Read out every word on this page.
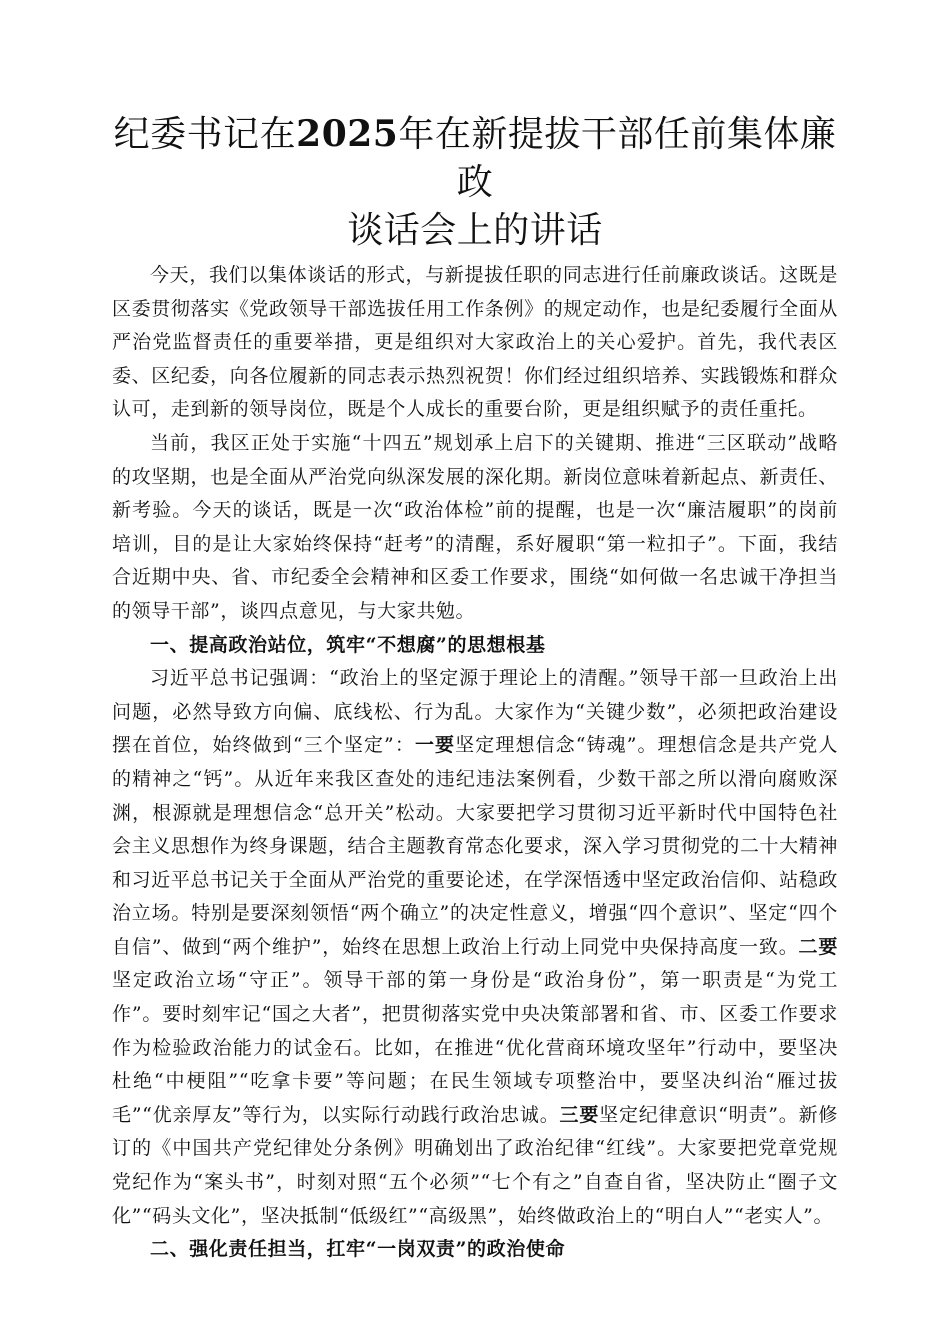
纪委书记在2025年在新提拔干部任前集体廉政
谈话会上的讲话

今天，我们以集体谈话的形式，与新提拔任职的同志进行任前廉政谈话。这既是区委贯彻落实《党政领导干部选拔任用工作条例》的规定动作，也是纪委履行全面从严治党监督责任的重要举措，更是组织对大家政治上的关心爱护。首先，我代表区委、区纪委，向各位履新的同志表示热烈祝贺！你们经过组织培养、实践锻炼和群众认可，走到新的领导岗位，既是个人成长的重要台阶，更是组织赋予的责任重托。

当前，我区正处于实施“十四五”规划承上启下的关键期、推进“三区联动”战略的攻坚期，也是全面从严治党向纵深发展的深化期。新岗位意味着新起点、新责任、新考验。今天的谈话，既是一次“政治体检”前的提醒，也是一次“廉洁履职”的岗前培训，目的是让大家始终保持“赶考”的清醒，系好履职“第一粒扣子”。下面，我结合近期中央、省、市纪委全会精神和区委工作要求，围绕“如何做一名忠诚干净担当的领导干部”，谈四点意见，与大家共勉。

一、提高政治站位，筑牢“不想腐”的思想根基

习近平总书记强调：“政治上的坚定源于理论上的清醒。”领导干部一旦政治上出问题，必然导致方向偏、底线松、行为乱。大家作为“关键少数”，必须把政治建设摆在首位，始终做到“三个坚定”：一要坚定理想信念“铸魂”。理想信念是共产党人的精神之“钙”。从近年来我区查处的违纪违法案例看，少数干部之所以滑向腐败深渊，根源就是理想信念“总开关”松动。大家要把学习贯彻习近平新时代中国特色社会主义思想作为终身课题，结合主题教育常态化要求，深入学习贯彻党的二十大精神和习近平总书记关于全面从严治党的重要论述，在学深悟透中坚定政治信仰、站稳政治立场。特别是要深刻领悟“两个确立”的决定性意义，增强“四个意识”、坚定“四个自信”、做到“两个维护”，始终在思想上政治上行动上同党中央保持高度一致。二要坚定政治立场“守正”。领导干部的第一身份是“政治身份”，第一职责是“为党工作”。要时刻牢记“国之大者”，把贯彻落实党中央决策部署和省、市、区委工作要求作为检验政治能力的试金石。比如，在推进“优化营商环境攻坚年”行动中，要坚决杜绝“中梗阻”“吃拿卡要”等问题；在民生领域专项整治中，要坚决纠治“雁过拔毛”“优亲厚友”等行为，以实际行动践行政治忠诚。三要坚定纪律意识“明责”。新修订的《中国共产党纪律处分条例》明确划出了政治纪律“红线”。大家要把党章党规党纪作为“案头书”，时刻对照“五个必须”“七个有之”自查自省，坚决防止“圈子文化”“码头文化”，坚决抵制“低级红”“高级黑”，始终做政治上的“明白人”“老实人”。

二、强化责任担当，扛牢“一岗双责”的政治使命
